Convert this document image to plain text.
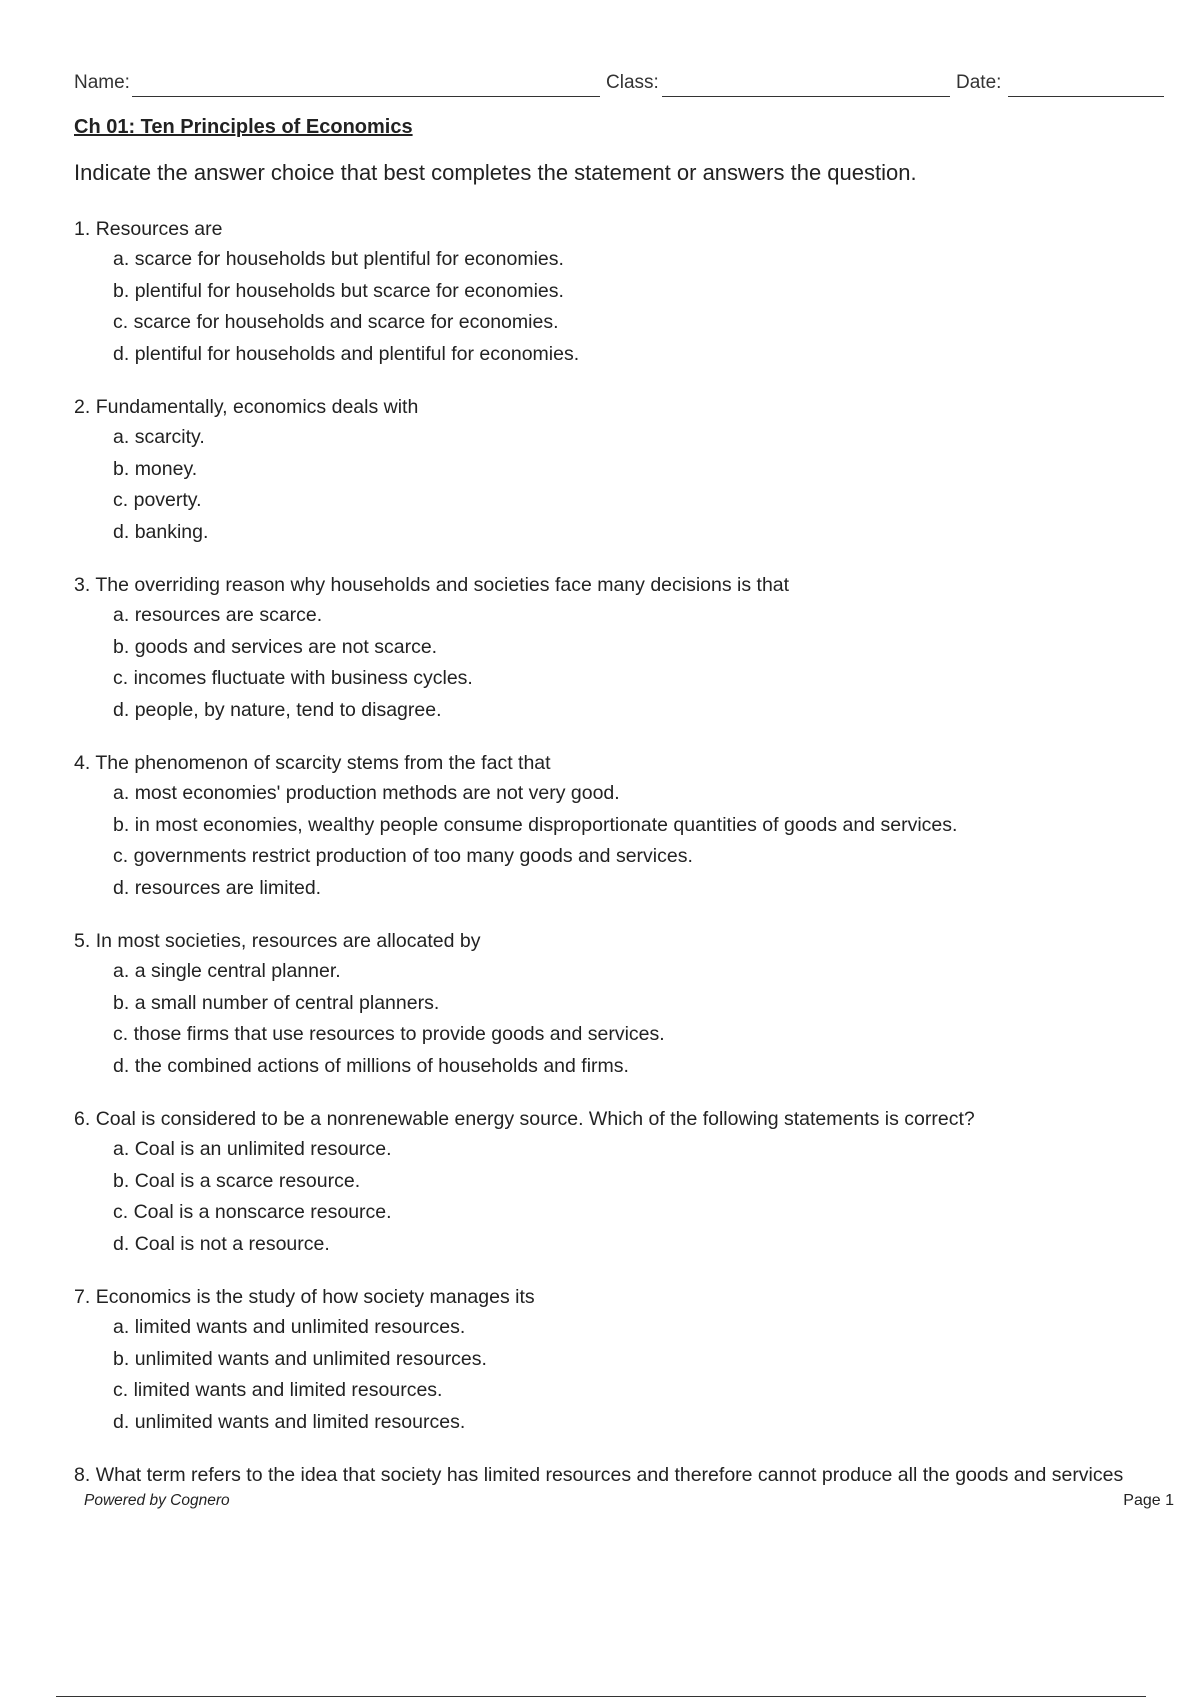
Name:	Class:	Date:
Ch 01: Ten Principles of Economics
Indicate the answer choice that best completes the statement or answers the question.
1. Resources are
a. scarce for households but plentiful for economies.
b. plentiful for households but scarce for economies.
c. scarce for households and scarce for economies.
d. plentiful for households and plentiful for economies.
2. Fundamentally, economics deals with
a. scarcity.
b. money.
c. poverty.
d. banking.
3. The overriding reason why households and societies face many decisions is that
a. resources are scarce.
b. goods and services are not scarce.
c. incomes fluctuate with business cycles.
d. people, by nature, tend to disagree.
4. The phenomenon of scarcity stems from the fact that
a. most economies' production methods are not very good.
b. in most economies, wealthy people consume disproportionate quantities of goods and services.
c. governments restrict production of too many goods and services.
d. resources are limited.
5. In most societies, resources are allocated by
a. a single central planner.
b. a small number of central planners.
c. those firms that use resources to provide goods and services.
d. the combined actions of millions of households and firms.
6. Coal is considered to be a nonrenewable energy source. Which of the following statements is correct?
a. Coal is an unlimited resource.
b. Coal is a scarce resource.
c. Coal is a nonscarce resource.
d. Coal is not a resource.
7. Economics is the study of how society manages its
a. limited wants and unlimited resources.
b. unlimited wants and unlimited resources.
c. limited wants and limited resources.
d. unlimited wants and limited resources.
8. What term refers to the idea that society has limited resources and therefore cannot produce all the goods and services
Powered by Cognero	Page 1
